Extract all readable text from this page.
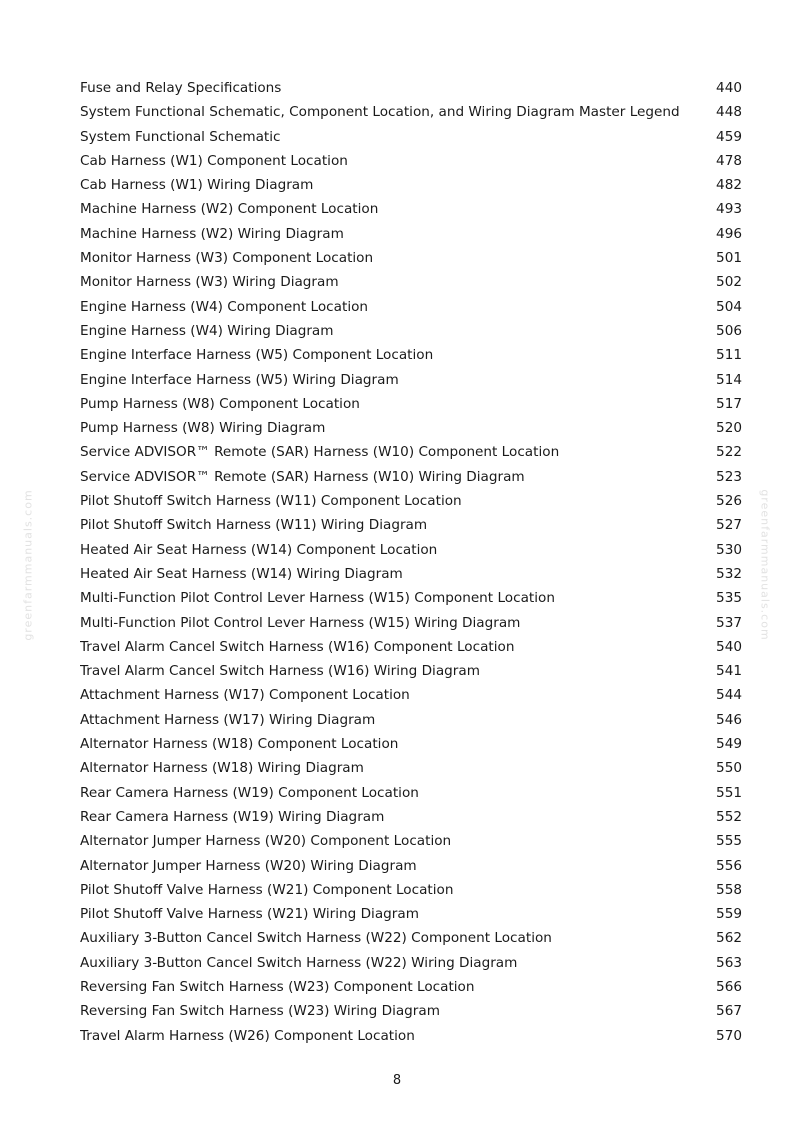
greenfarmmanuals.com	greenfarmmanuals.com
Fuse and Relay Specifications	440
System Functional Schematic, Component Location, and Wiring Diagram Master Legend	448
System Functional Schematic	459
Cab Harness (W1) Component Location	478
Cab Harness (W1) Wiring Diagram	482
Machine Harness (W2) Component Location	493
Machine Harness (W2) Wiring Diagram	496
Monitor Harness (W3) Component Location	501
Monitor Harness (W3) Wiring Diagram	502
Engine Harness (W4) Component Location	504
Engine Harness (W4) Wiring Diagram	506
Engine Interface Harness (W5) Component Location	511
Engine Interface Harness (W5) Wiring Diagram	514
Pump Harness (W8) Component Location	517
Pump Harness (W8) Wiring Diagram	520
Service ADVISOR™ Remote (SAR) Harness (W10) Component Location	522
Service ADVISOR™ Remote (SAR) Harness (W10) Wiring Diagram	523
Pilot Shutoff Switch Harness (W11) Component Location	526
Pilot Shutoff Switch Harness (W11) Wiring Diagram	527
Heated Air Seat Harness (W14) Component Location	530
Heated Air Seat Harness (W14) Wiring Diagram	532
Multi-Function Pilot Control Lever Harness (W15) Component Location	535
Multi-Function Pilot Control Lever Harness (W15) Wiring Diagram	537
Travel Alarm Cancel Switch Harness (W16) Component Location	540
Travel Alarm Cancel Switch Harness (W16) Wiring Diagram	541
Attachment Harness (W17) Component Location	544
Attachment Harness (W17) Wiring Diagram	546
Alternator Harness (W18) Component Location	549
Alternator Harness (W18) Wiring Diagram	550
Rear Camera Harness (W19) Component Location	551
Rear Camera Harness (W19) Wiring Diagram	552
Alternator Jumper Harness (W20) Component Location	555
Alternator Jumper Harness (W20) Wiring Diagram	556
Pilot Shutoff Valve Harness (W21) Component Location	558
Pilot Shutoff Valve Harness (W21) Wiring Diagram	559
Auxiliary 3-Button Cancel Switch Harness (W22) Component Location	562
Auxiliary 3-Button Cancel Switch Harness (W22) Wiring Diagram	563
Reversing Fan Switch Harness (W23) Component Location	566
Reversing Fan Switch Harness (W23) Wiring Diagram	567
Travel Alarm Harness (W26) Component Location	570
8
